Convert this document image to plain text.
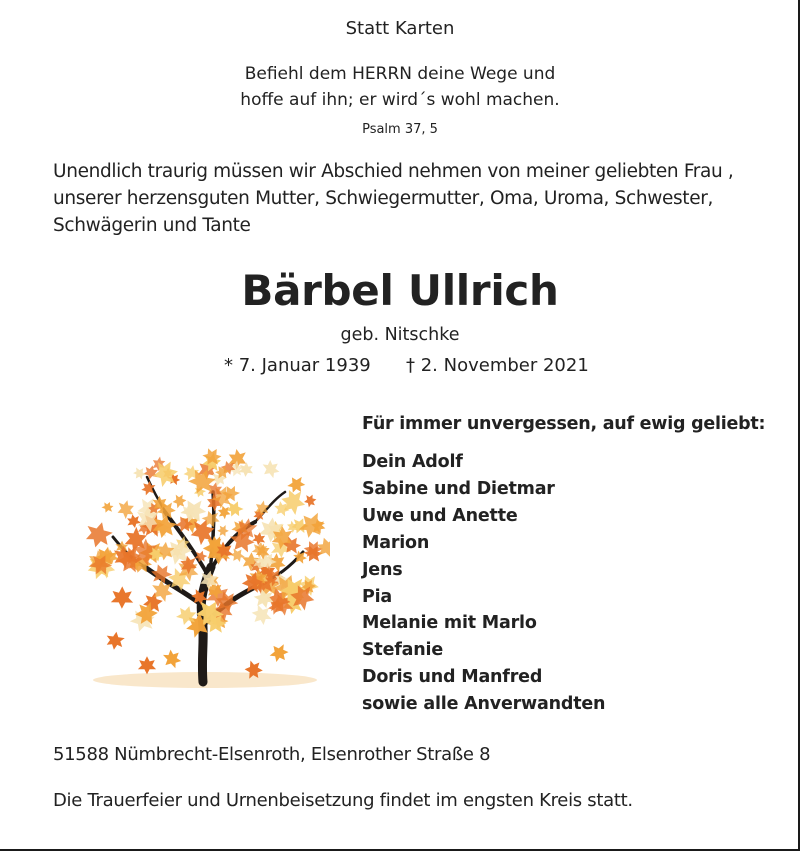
Statt Karten
Befiehl dem HERRN deine Wege und
hoffe auf ihn; er wird´s wohl machen.
Psalm 37, 5
Unendlich traurig müssen wir Abschied nehmen von meiner geliebten Frau ,
unserer herzensguten Mutter, Schwiegermutter, Oma, Uroma, Schwester,
Schwägerin und Tante
Bärbel Ullrich
geb. Nitschke
* 7. Januar 1939 † 2. November 2021
Für immer unvergessen, auf ewig geliebt:
Dein Adolf
Sabine und Dietmar
Uwe und Anette
Marion
Jens
Pia
Melanie mit Marlo
Stefanie
Doris und Manfred
sowie alle Anverwandten
51588 Nümbrecht-Elsenroth, Elsenrother Straße 8
Die Trauerfeier und Urnenbeisetzung findet im engsten Kreis statt.
